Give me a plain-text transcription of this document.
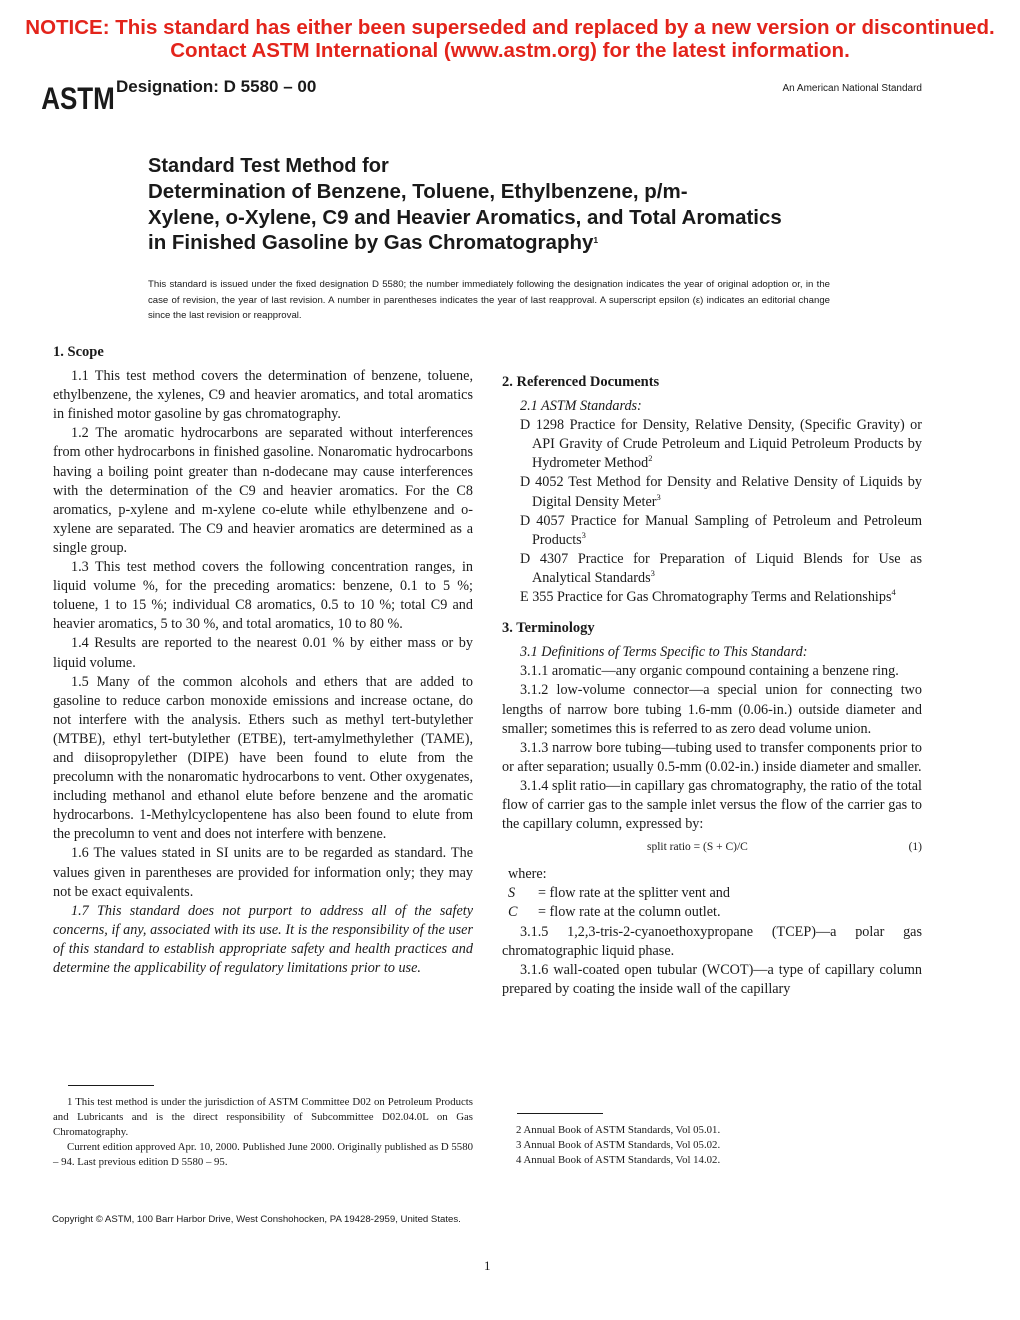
NOTICE: This standard has either been superseded and replaced by a new version or discontinued.
Contact ASTM International (www.astm.org) for the latest information.
ASTM Designation: D 5580 – 00	An American National Standard
Standard Test Method for
Determination of Benzene, Toluene, Ethylbenzene, p/m-
Xylene, o-Xylene, C9 and Heavier Aromatics, and Total Aromatics
in Finished Gasoline by Gas Chromatography$^1$
This standard is issued under the fixed designation D 5580; the number immediately following the designation indicates the year of original adoption or, in the case of revision, the year of last revision. A number in parentheses indicates the year of last reapproval. A superscript epsilon (ε) indicates an editorial change since the last revision or reapproval.
1. Scope

1.1 This test method covers the determination of benzene, toluene, ethylbenzene, the xylenes, C9 and heavier aromatics, and total aromatics in finished motor gasoline by gas chromatography.

1.2 The aromatic hydrocarbons are separated without interferences from other hydrocarbons in finished gasoline. Nonaromatic hydrocarbons having a boiling point greater than n-dodecane may cause interferences with the determination of the C9 and heavier aromatics. For the C8 aromatics, p-xylene and m-xylene co-elute while ethylbenzene and o-xylene are separated. The C9 and heavier aromatics are determined as a single group.

1.3 This test method covers the following concentration ranges, in liquid volume %, for the preceding aromatics: benzene, 0.1 to 5 %; toluene, 1 to 15 %; individual C8 aromatics, 0.5 to 10 %; total C9 and heavier aromatics, 5 to 30 %, and total aromatics, 10 to 80 %.

1.4 Results are reported to the nearest 0.01 % by either mass or by liquid volume.

1.5 Many of the common alcohols and ethers that are added to gasoline to reduce carbon monoxide emissions and increase octane, do not interfere with the analysis. Ethers such as methyl tert-butylether (MTBE), ethyl tert-butylether (ETBE), tert-amylmethylether (TAME), and diisopropylether (DIPE) have been found to elute from the precolumn with the nonaromatic hydrocarbons to vent. Other oxygenates, including methanol and ethanol elute before benzene and the aromatic hydrocarbons. 1-Methylcyclopentene has also been found to elute from the precolumn to vent and does not interfere with benzene.

1.6 The values stated in SI units are to be regarded as standard. The values given in parentheses are provided for information only; they may not be exact equivalents.

1.7 This standard does not purport to address all of the safety concerns, if any, associated with its use. It is the responsibility of the user of this standard to establish appropriate safety and health practices and determine the applicability of regulatory limitations prior to use.

1 This test method is under the jurisdiction of ASTM Committee D02 on Petroleum Products and Lubricants and is the direct responsibility of Subcommittee D02.04.0L on Gas Chromatography.

Current edition approved Apr. 10, 2000. Published June 2000. Originally published as D 5580 – 94. Last previous edition D 5580 – 95.

2. Referenced Documents

2.1 ASTM Standards:

D 1298 Practice for Density, Relative Density, (Specific Gravity) or API Gravity of Crude Petroleum and Liquid Petroleum Products by Hydrometer Method$^2$
D 4052 Test Method for Density and Relative Density of Liquids by Digital Density Meter$^3$
D 4057 Practice for Manual Sampling of Petroleum and Petroleum Products$^3$
D 4307 Practice for Preparation of Liquid Blends for Use as Analytical Standards$^3$
E 355 Practice for Gas Chromatography Terms and Relationships$^4$
3. Terminology

3.1 Definitions of Terms Specific to This Standard:

3.1.1 aromatic—any organic compound containing a benzene ring.

3.1.2 low-volume connector—a special union for connecting two lengths of narrow bore tubing 1.6-mm (0.06-in.) outside diameter and smaller; sometimes this is referred to as zero dead volume union.

3.1.3 narrow bore tubing—tubing used to transfer components prior to or after separation; usually 0.5-mm (0.02-in.) inside diameter and smaller.

3.1.4 split ratio—in capillary gas chromatography, the ratio of the total flow of carrier gas to the sample inlet versus the flow of the carrier gas to the capillary column, expressed by:

split ratio = (S + C)/C	(1)

where:

S	= flow rate at the splitter vent and
C	= flow rate at the column outlet.

3.1.5 1,2,3-tris-2-cyanoethoxypropane (TCEP)—a polar gas chromatographic liquid phase.

3.1.6 wall-coated open tubular (WCOT)—a type of capillary column prepared by coating the inside wall of the capillary

2 Annual Book of ASTM Standards, Vol 05.01.

3 Annual Book of ASTM Standards, Vol 05.02.

4 Annual Book of ASTM Standards, Vol 14.02.

Copyright © ASTM, 100 Barr Harbor Drive, West Conshohocken, PA 19428-2959, United States.
1
